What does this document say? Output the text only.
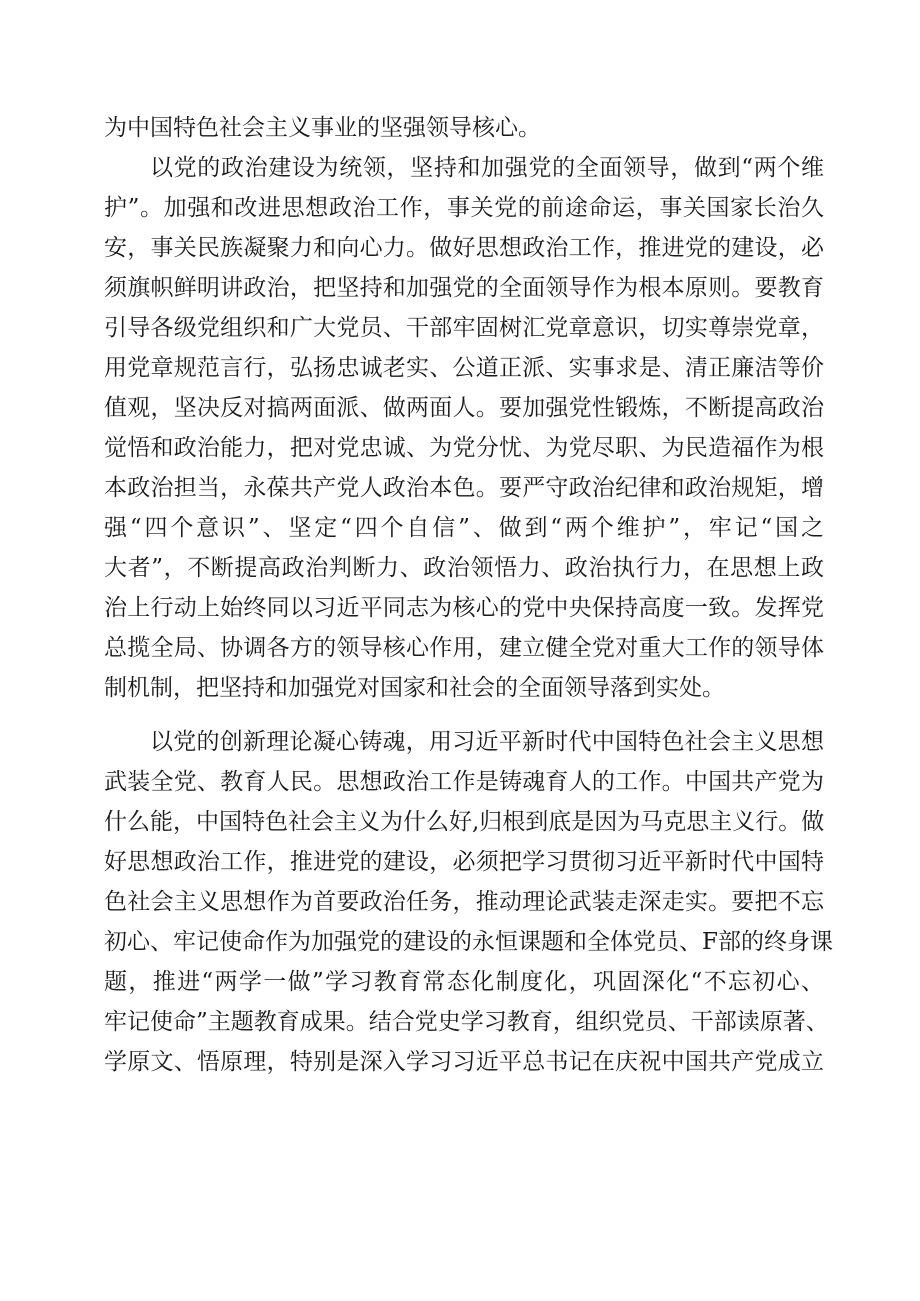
为中国特色社会主义事业的坚强领导核心。
以党的政治建设为统领，坚持和加强党的全面领导，做到“两个维
护”。加强和改进思想政治工作，事关党的前途命运，事关国家长治久
安，事关民族凝聚力和向心力。做好思想政治工作，推进党的建设，必
须旗帜鲜明讲政治，把坚持和加强党的全面领导作为根本原则。要教育
引导各级党组织和广大党员、干部牢固树汇党章意识，切实尊崇党章，
用党章规范言行，弘扬忠诚老实、公道正派、实事求是、清正廉洁等价
值观，坚决反对搞两面派、做两面人。要加强党性锻炼，不断提高政治
觉悟和政治能力，把对党忠诚、为党分忧、为党尽职、为民造福作为根
本政治担当，永葆共产党人政治本色。要严守政治纪律和政治规矩，增
强“四个意识”、坚定“四个自信”、做到“两个维护”，牢记“国之
大者”，不断提高政治判断力、政治领悟力、政治执行力，在思想上政
治上行动上始终同以习近平同志为核心的党中央保持高度一致。发挥党
总揽全局、协调各方的领导核心作用，建立健全党对重大工作的领导体
制机制，把坚持和加强党对国家和社会的全面领导落到实处。
以党的创新理论凝心铸魂，用习近平新时代中国特色社会主义思想
武装全党、教育人民。思想政治工作是铸魂育人的工作。中国共产党为
什么能，中国特色社会主义为什么好,归根到底是因为马克思主义行。做
好思想政治工作，推进党的建设，必须把学习贯彻习近平新时代中国特
色社会主义思想作为首要政治任务，推动理论武装走深走实。要把不忘
初心、牢记使命作为加强党的建设的永恒课题和全体党员、F部的终身课
题，推进“两学一做”学习教育常态化制度化，巩固深化“不忘初心、
牢记使命”主题教育成果。结合党史学习教育，组织党员、干部读原著、
学原文、悟原理，特别是深入学习习近平总书记在庆祝中国共产党成立
